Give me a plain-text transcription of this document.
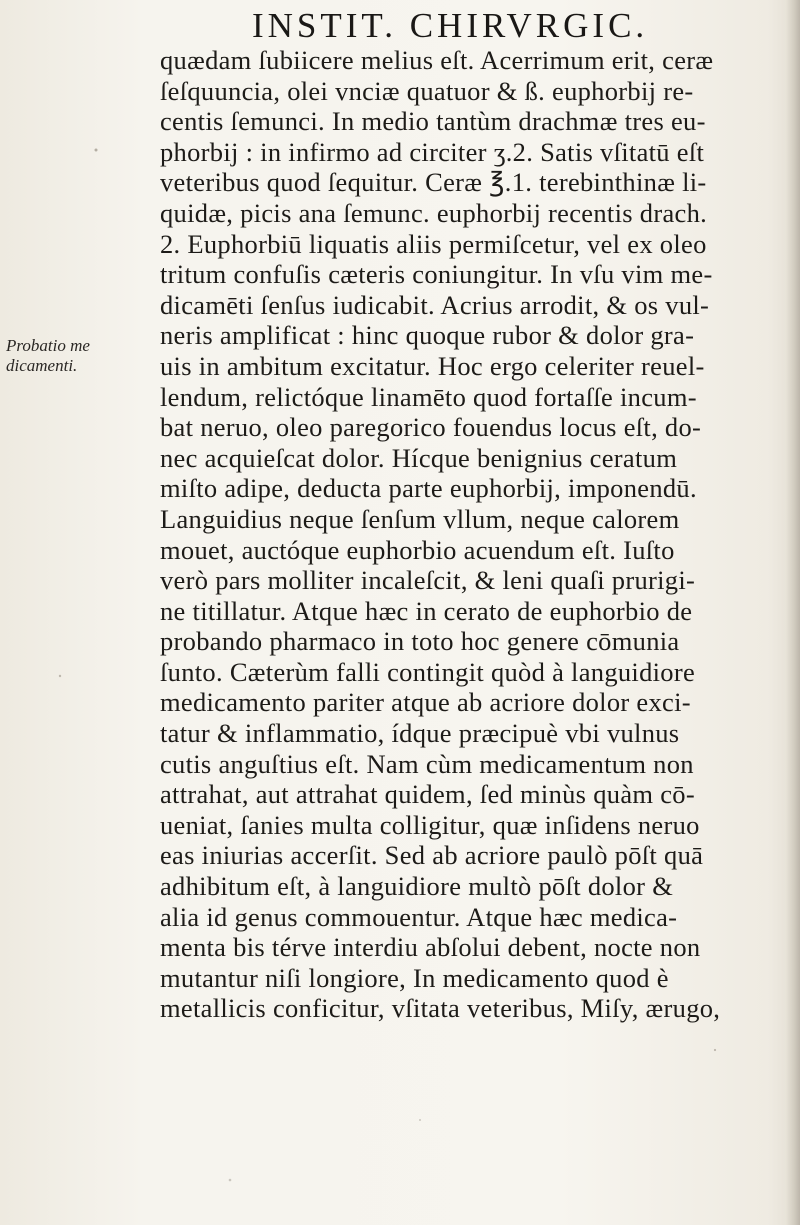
INSTIT. CHIRVRGIC.
Probatio me
dicamenti.
quædam ſubiicere melius eſt. Acerrimum erit, ceræ
ſeſquuncia, olei vnciæ quatuor & ß. euphorbij re-
centis ſemunci. In medio tantùm drachmæ tres eu-
phorbij : in infirmo ad circiter ʒ.2. Satis vſitatū eſt
veteribus quod ſequitur. Ceræ ℥.1. terebinthinæ li-
quidæ, picis ana ſemunc. euphorbij recentis drach.
2. Euphorbiū liquatis aliis permiſcetur, vel ex oleo
tritum confuſis cæteris coniungitur. In vſu vim me-
dicamēti ſenſus iudicabit. Acrius arrodit, & os vul-
neris amplificat : hinc quoque rubor & dolor gra-
uis in ambitum excitatur. Hoc ergo celeriter reuel-
lendum, relictóque linamēto quod fortaſſe incum-
bat neruo, oleo paregorico fouendus locus eſt, do-
nec acquieſcat dolor. Hícque benignius ceratum
miſto adipe, deducta parte euphorbij, imponendū.
Languidius neque ſenſum vllum, neque calorem
mouet, auctóque euphorbio acuendum eſt. Iuſto
verò pars molliter incaleſcit, & leni quaſi prurigi-
ne titillatur. Atque hæc in cerato de euphorbio de
probando pharmaco in toto hoc genere cōmunia
ſunto. Cæterùm falli contingit quòd à languidiore
medicamento pariter atque ab acriore dolor exci-
tatur & inflammatio, ídque præcipuè vbi vulnus
cutis anguſtius eſt. Nam cùm medicamentum non
attrahat, aut attrahat quidem, ſed minùs quàm cō-
ueniat, ſanies multa colligitur, quæ inſidens neruo
eas iniurias accerſit. Sed ab acriore paulò pōſt quā
adhibitum eſt, à languidiore multò pōſt dolor &
alia id genus commouentur. Atque hæc medica-
menta bis térve interdiu abſolui debent, nocte non
mutantur niſi longiore, In medicamento quod è
metallicis conficitur, vſitata veteribus, Miſy, ærugo,
